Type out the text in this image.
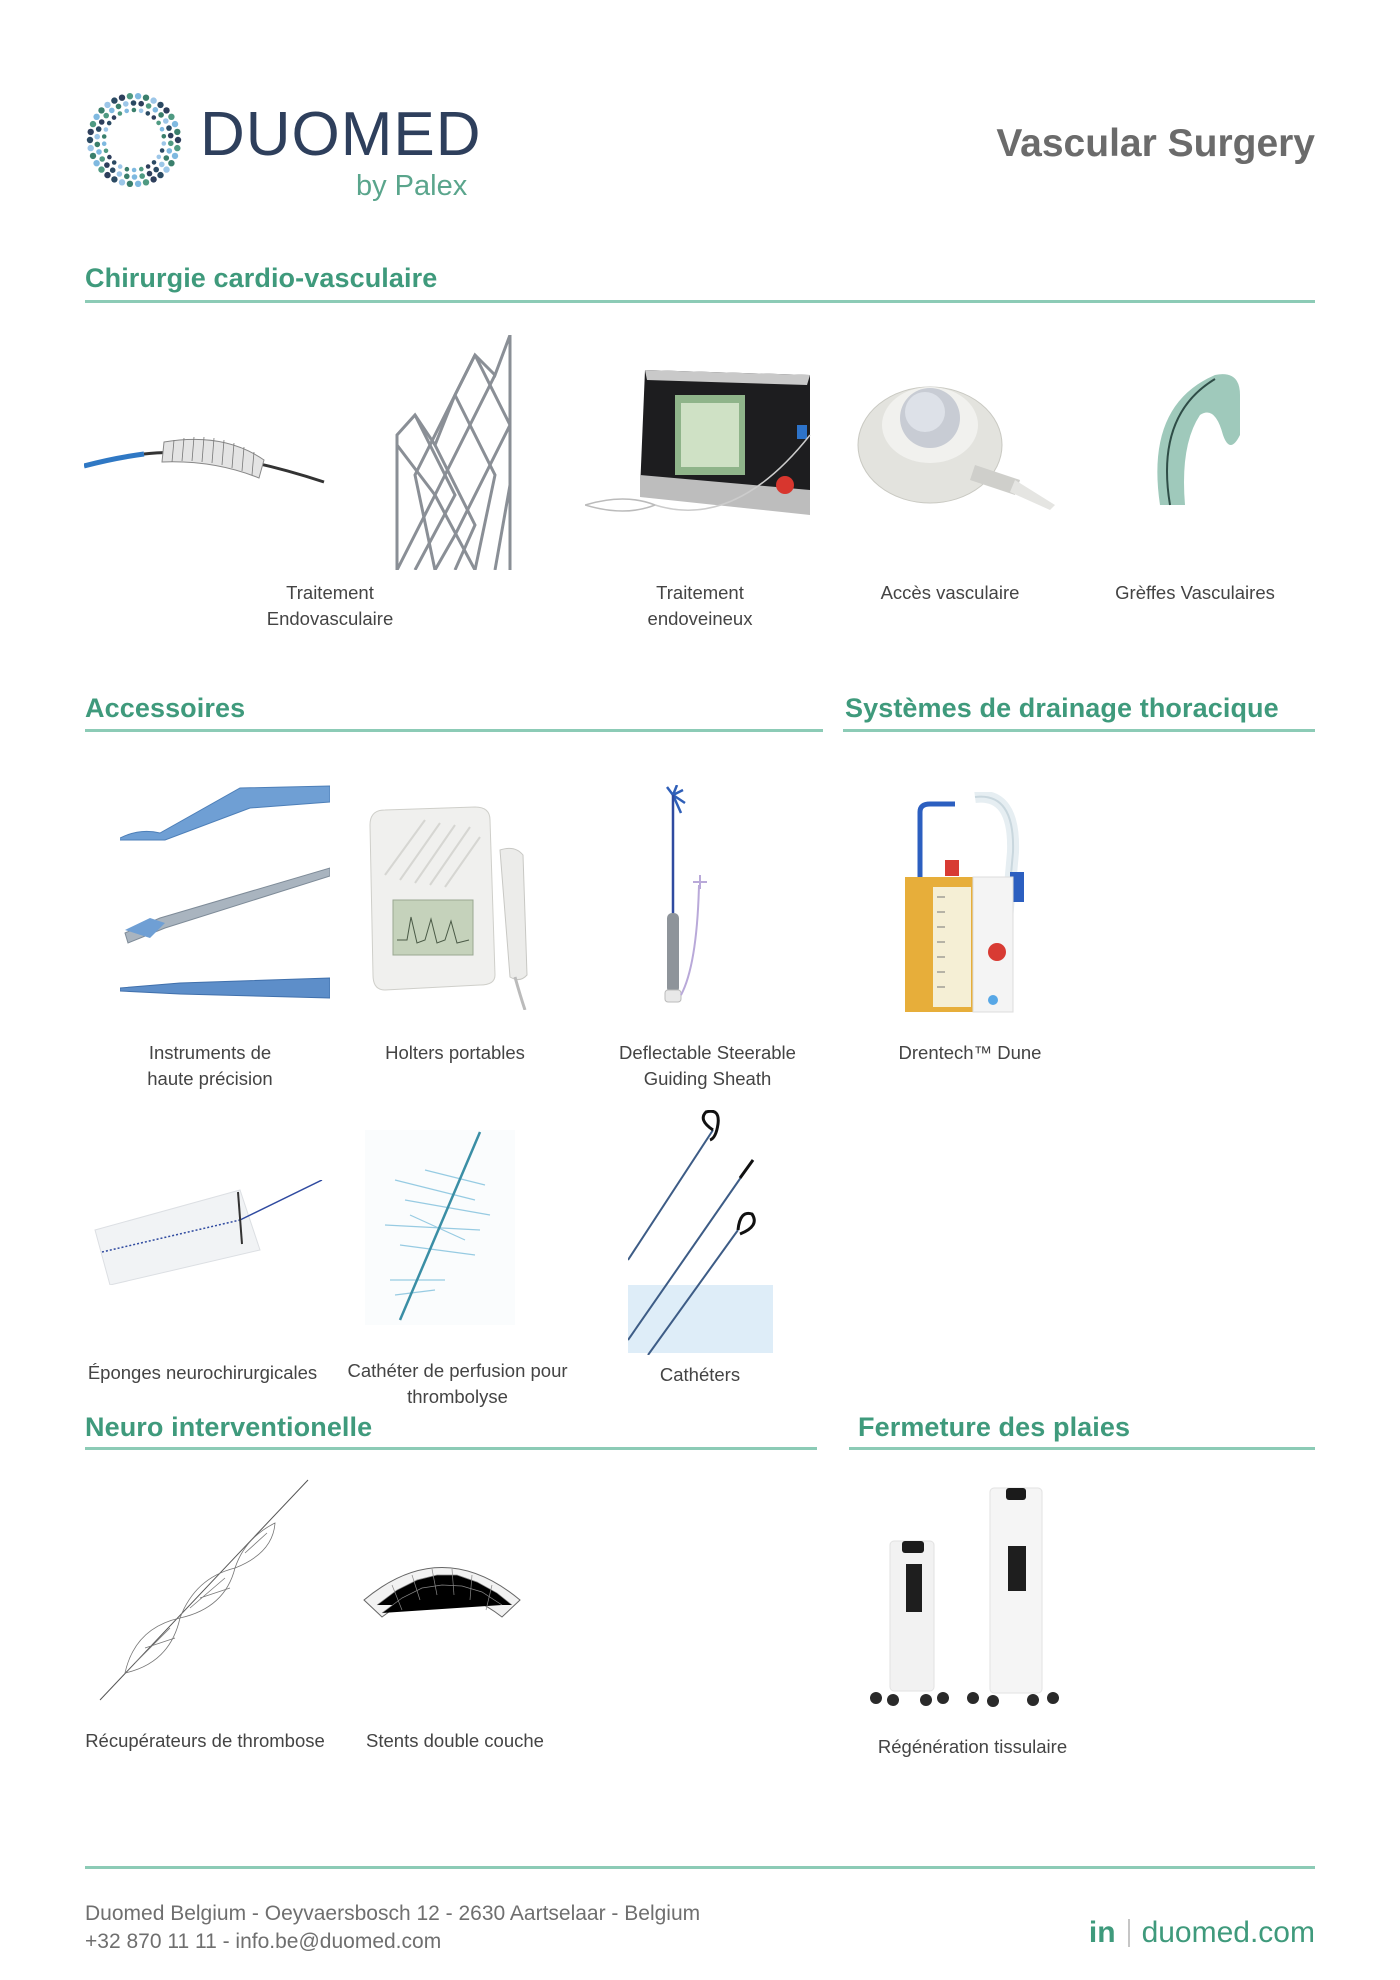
DUOMED
by Palex
Vascular Surgery
Chirurgie cardio-vasculaire
Traitement
Endovasculaire
Traitement
endoveineux
Accès vasculaire	Grèffes Vasculaires
Accessoires	Systèmes de drainage thoracique
Instruments de
haute précision
Holters portables	Deflectable Steerable
Guiding Sheath
Drentech™ Dune
Éponges neurochirurgicales	Cathéter de perfusion pour
thrombolyse
Cathéters
Neuro interventionelle	Fermeture des plaies
Récupérateurs de thrombose	Stents double couche	Régénération tissulaire
Duomed Belgium - Oeyvaersbosch 12 - 2630 Aartselaar - Belgium
+32 870 11 11 - info.be@duomed.com	in duomed.com
